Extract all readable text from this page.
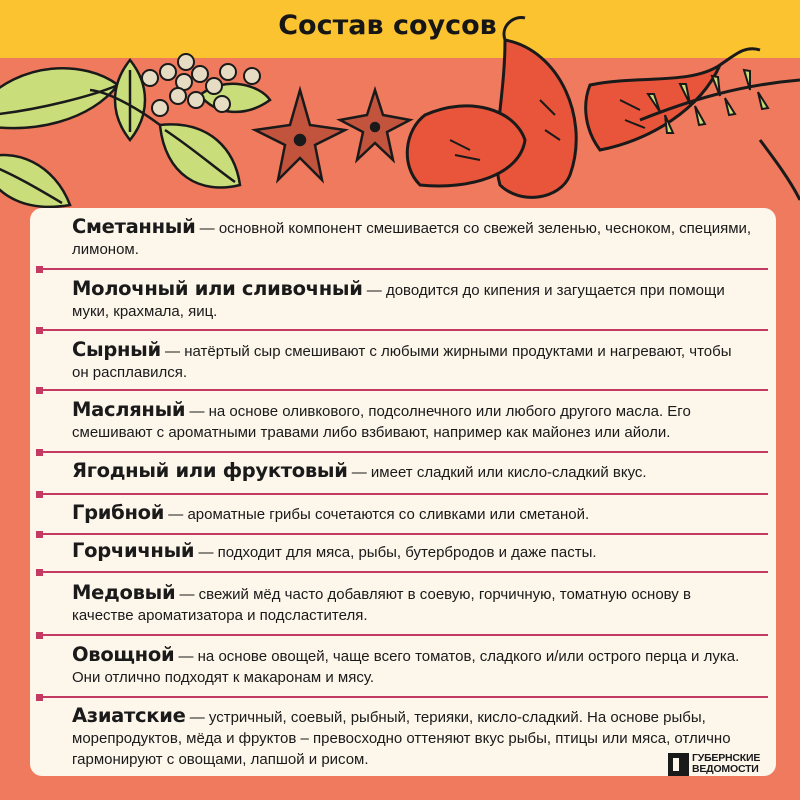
Состав соусов
Сметанный — основной компонент смешивается со свежей зеленью, чесноком, специями, лимоном.
Молочный или сливочный — доводится до кипения и загущается при помощи муки, крахмала, яиц.
Сырный — натёртый сыр смешивают с любыми жирными продуктами и нагревают, чтобы он расплавился.
Масляный — на основе оливкового, подсолнечного или любого другого масла. Его смешивают с ароматными травами либо взбивают, например как майонез или айоли.
Ягодный или фруктовый — имеет сладкий или кисло-сладкий вкус.
Грибной — ароматные грибы сочетаются со сливками или сметаной.
Горчичный — подходит для мяса, рыбы, бутербродов и даже пасты.
Медовый — свежий мёд часто добавляют в соевую, горчичную, томатную основу в качестве ароматизатора и подсластителя.
Овощной — на основе овощей, чаще всего томатов, сладкого и/или острого перца и лука. Они отлично подходят к макаронам и мясу.
Азиатские — устричный, соевый, рыбный, терияки, кисло-сладкий. На основе рыбы, морепродуктов, мёда и фруктов – превосходно оттеняют вкус рыбы, птицы или мяса, отлично гармонируют с овощами, лапшой и рисом.	ГУБЕРНСКИЕ
ВЕДОМОСТИ
